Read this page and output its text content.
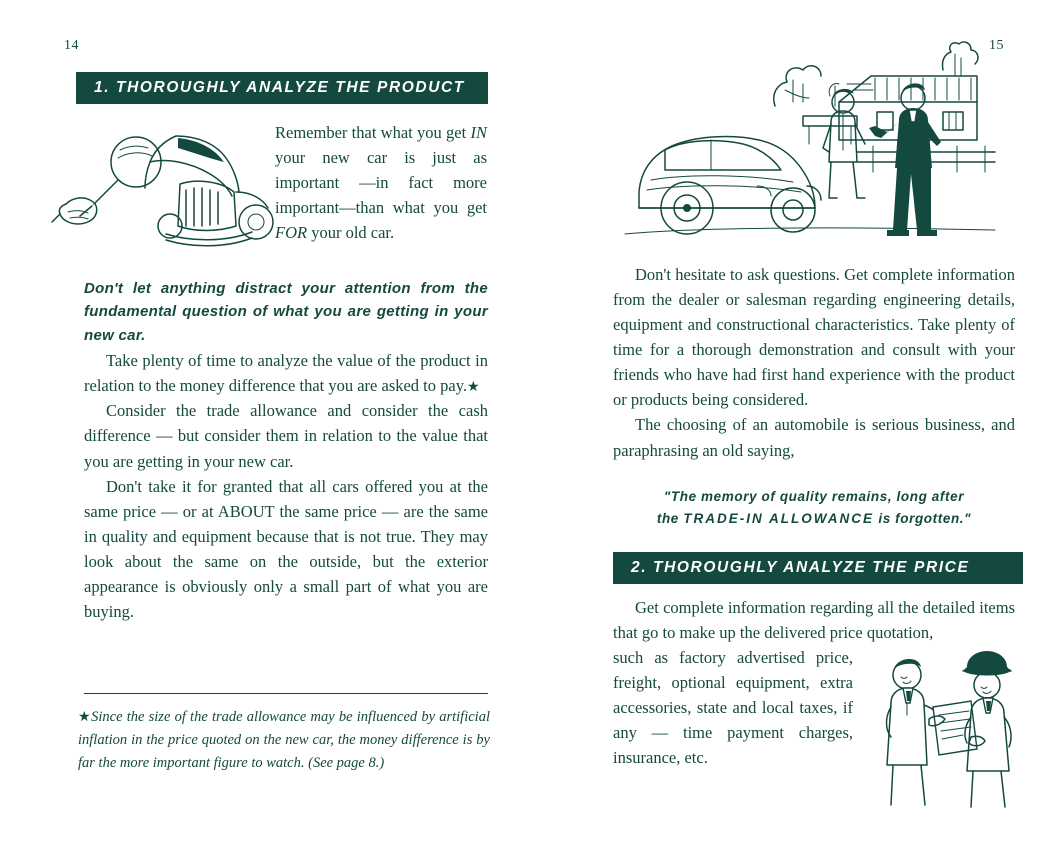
14
1. THOROUGHLY ANALYZE THE PRODUCT

Remember that what you get IN your new car is just as important —in fact more important—than what you get FOR your old car.

Don't let anything distract your attention from the fundamental question of what you are getting in your new car.

Take plenty of time to analyze the value of the product in relation to the money difference that you are asked to pay.★

Consider the trade allowance and consider the cash difference — but consider them in relation to the value that you are getting in your new car.

Don't take it for granted that all cars offered you at the same price — or at ABOUT the same price — are the same in quality and equipment because that is not true. They may look about the same on the outside, but the exterior appearance is obviously only a small part of what you are buying.

★Since the size of the trade allowance may be influenced by artificial inflation in the price quoted on the new car, the money difference is by far the more important figure to watch. (See page 8.)
15

Don't hesitate to ask questions. Get complete information from the dealer or salesman regarding engineering details, equipment and constructional characteristics. Take plenty of time for a thorough demonstration and consult with your friends who have had first hand experience with the product or products being considered.

The choosing of an automobile is serious business, and paraphrasing an old saying,

"The memory of quality remains, long after
the TRADE-IN ALLOWANCE is forgotten."
2. THOROUGHLY ANALYZE THE PRICE

Get complete information regarding all the detailed items that go to make up the delivered price quotation,

such as factory advertised price, freight, optional equipment, extra accessories, state and local taxes, if any — time payment charges, insurance, etc.
